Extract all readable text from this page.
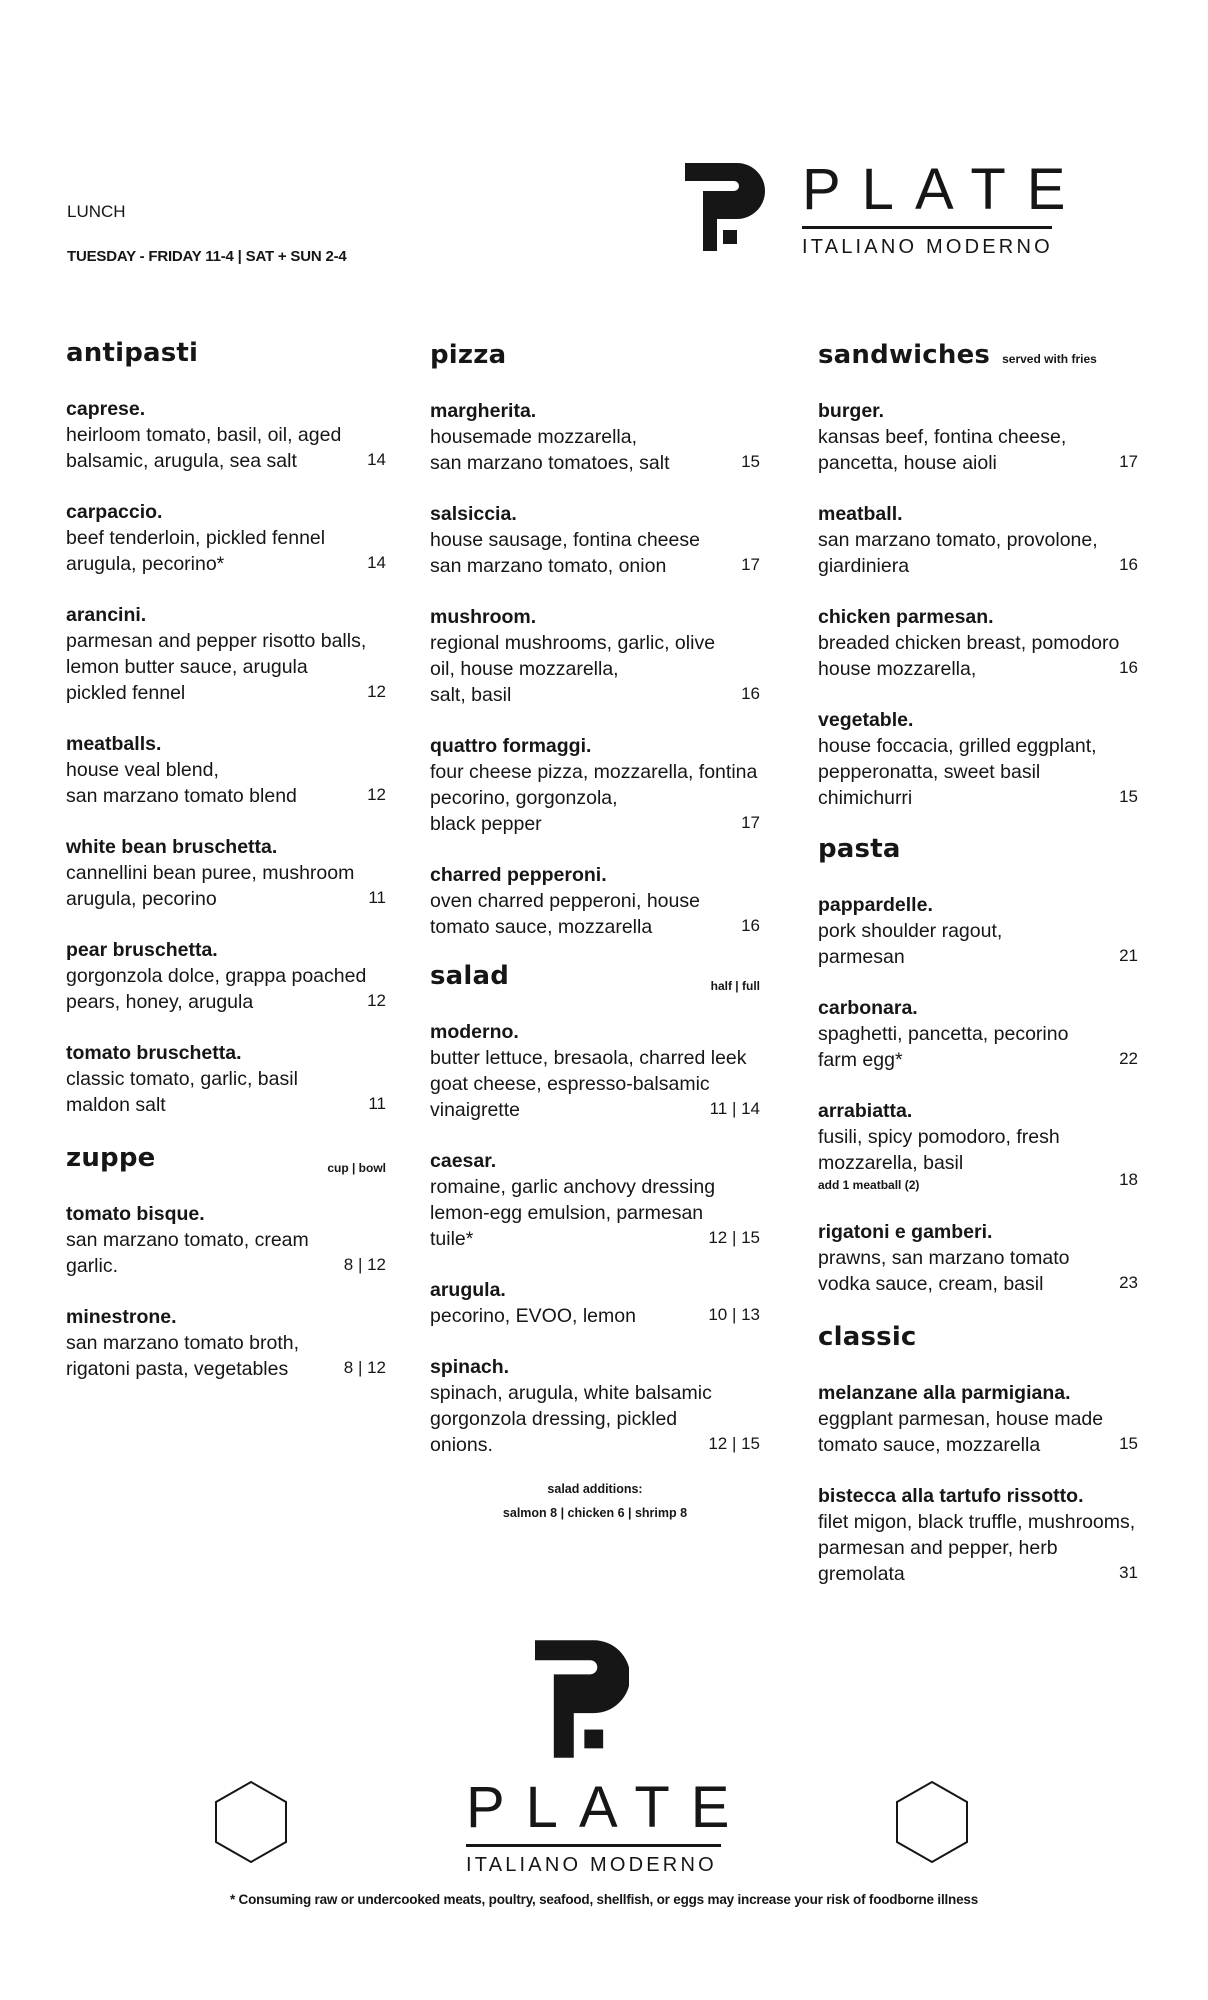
LUNCH
TUESDAY - FRIDAY 11-4 | SAT + SUN 2-4
PLATE
ITALIANO MODERNO
antipasti
caprese.
heirloom tomato, basil, oil, aged
balsamic, arugula, sea salt	14
carpaccio.
beef tenderloin, pickled fennel
arugula, pecorino*	14
arancini.
parmesan and pepper risotto balls,
lemon butter sauce, arugula
pickled fennel	12
meatballs.
house veal blend,
san marzano tomato blend	12
white bean bruschetta.
cannellini bean puree, mushroom
arugula, pecorino	11
pear bruschetta.
gorgonzola dolce, grappa poached
pears, honey, arugula	12
tomato bruschetta.
classic tomato, garlic, basil
maldon salt	11
zuppe	cup | bowl
tomato bisque.
san marzano tomato, cream
garlic.	8 | 12
minestrone.
san marzano tomato broth,
rigatoni pasta, vegetables	8 | 12
pizza
margherita.
housemade mozzarella,
san marzano tomatoes, salt	15
salsiccia.
house sausage, fontina cheese
san marzano tomato, onion	17
mushroom.
regional mushrooms, garlic, olive
oil, house mozzarella,
salt, basil	16
quattro formaggi.
four cheese pizza, mozzarella, fontina
pecorino, gorgonzola,
black pepper	17
charred pepperoni.
oven charred pepperoni, house
tomato sauce, mozzarella	16
salad	half | full
moderno.
butter lettuce, bresaola, charred leek
goat cheese, espresso-balsamic
vinaigrette	11 | 14
caesar.
romaine, garlic anchovy dressing
lemon-egg emulsion, parmesan
tuile*	12 | 15
arugula.
pecorino, EVOO, lemon	10 | 13
spinach.
spinach, arugula, white balsamic
gorgonzola dressing, pickled
onions.	12 | 15
salad additions:
salmon 8 | chicken 6 | shrimp 8
sandwiches served with fries
burger.
kansas beef, fontina cheese,
pancetta, house aioli	17
meatball.
san marzano tomato, provolone,
giardiniera	16
chicken parmesan.
breaded chicken breast, pomodoro
house mozzarella,	16
vegetable.
house foccacia, grilled eggplant,
pepperonatta, sweet basil
chimichurri	15
pasta
pappardelle.
pork shoulder ragout,
parmesan	21
carbonara.
spaghetti, pancetta, pecorino
farm egg*	22
arrabiatta.
fusili, spicy pomodoro, fresh
mozzarella, basil
add 1 meatball (2)	18
rigatoni e gamberi.
prawns, san marzano tomato
vodka sauce, cream, basil	23
classic
melanzane alla parmigiana.
eggplant parmesan, house made
tomato sauce, mozzarella	15
bistecca alla tartufo rissotto.
filet migon, black truffle, mushrooms,
parmesan and pepper, herb
gremolata	31
PLATE
ITALIANO MODERNO
* Consuming raw or undercooked meats, poultry, seafood, shellfish, or eggs may increase your risk of foodborne illness
